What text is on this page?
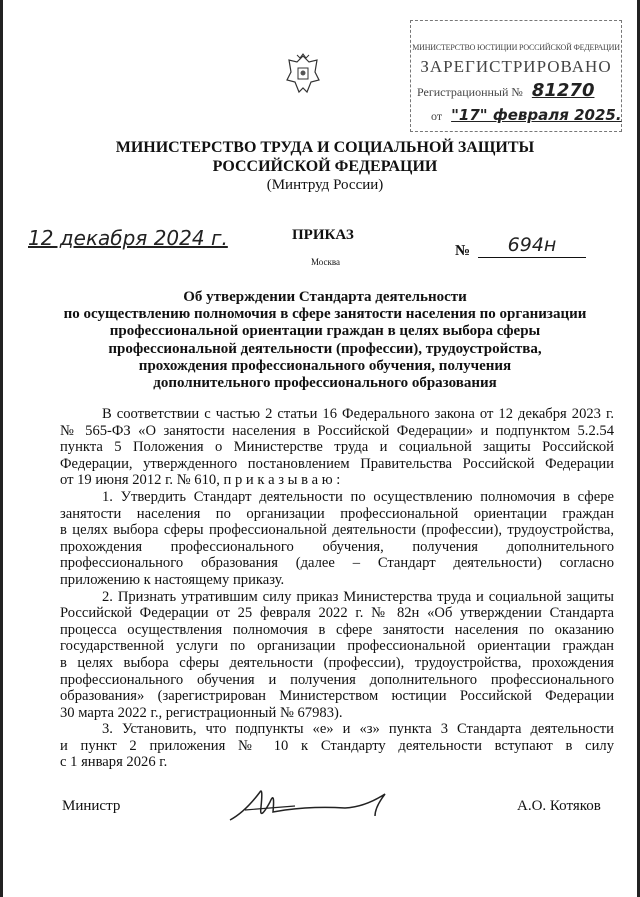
МИНИСТЕРСТВО ТРУДА И СОЦИАЛЬНОЙ ЗАЩИТЫ
РОССИЙСКОЙ ФЕДЕРАЦИИ
(Минтруд России)
МИНИСТЕРСТВО ЮСТИЦИИ РОССИЙСКОЙ ФЕДЕРАЦИИ
ЗАРЕГИСТРИРОВАНО
Регистрационный № 81270
от "17" февраля 2025.
12 декабря 2024 г.	ПРИКАЗ
Москва
№	694н
Об утверждении Стандарта деятельности
по осуществлению полномочия в сфере занятости населения по организации
профессиональной ориентации граждан в целях выбора сферы
профессиональной деятельности (профессии), трудоустройства,
прохождения профессионального обучения, получения
дополнительного профессионального образования
В соответствии с частью 2 статьи 16 Федерального закона от 12 декабря 2023 г.
№ 565-ФЗ «О занятости населения в Российской Федерации» и подпунктом 5.2.54
пункта 5 Положения о Министерстве труда и социальной защиты Российской
Федерации, утвержденного постановлением Правительства Российской Федерации
от 19 июня 2012 г. № 610, п р и к а з ы в а ю :
1. Утвердить Стандарт деятельности по осуществлению полномочия в сфере
занятости населения по организации профессиональной ориентации граждан
в целях выбора сферы профессиональной деятельности (профессии), трудоустройства,
прохождения профессионального обучения, получения дополнительного
профессионального образования (далее – Стандарт деятельности) согласно
приложению к настоящему приказу.
2. Признать утратившим силу приказ Министерства труда и социальной защиты
Российской Федерации от 25 февраля 2022 г. № 82н «Об утверждении Стандарта
процесса осуществления полномочия в сфере занятости населения по оказанию
государственной услуги по организации профессиональной ориентации граждан
в целях выбора сферы деятельности (профессии), трудоустройства, прохождения
профессионального обучения и получения дополнительного профессионального
образования» (зарегистрирован Министерством юстиции Российской Федерации
30 марта 2022 г., регистрационный № 67983).
3. Установить, что подпункты «е» и «з» пункта 3 Стандарта деятельности
и пункт 2 приложения № 10 к Стандарту деятельности вступают в силу
с 1 января 2026 г.
Министр	А.О. Котяков
